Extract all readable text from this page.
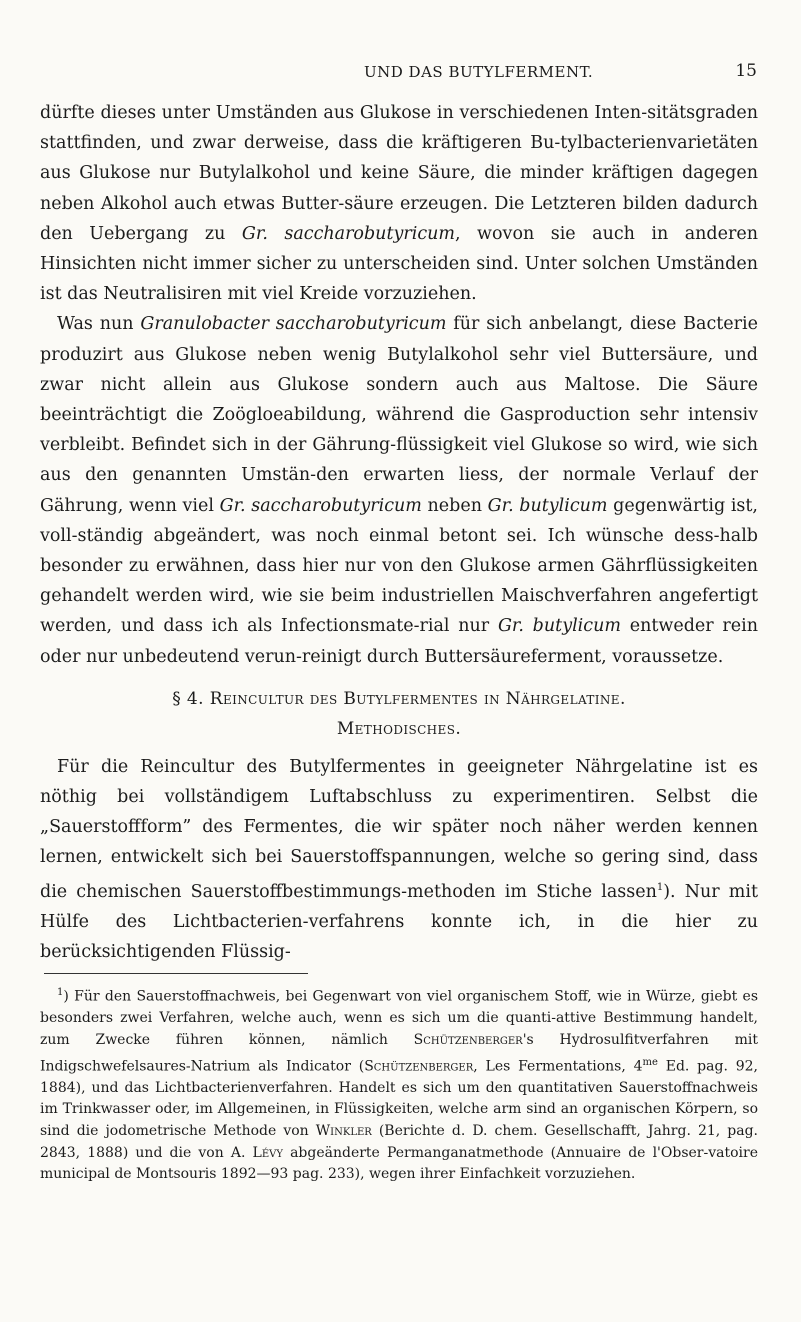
UND DAS BUTYLFERMENT.	15

dürfte dieses unter Umständen aus Glukose in verschiedenen Inten-sitätsgraden stattfinden, und zwar derweise, dass die kräftigeren Bu-tylbacterienvarietäten aus Glukose nur Butylalkohol und keine Säure, die minder kräftigen dagegen neben Alkohol auch etwas Butter-säure erzeugen. Die Letzteren bilden dadurch den Uebergang zu Gr. saccharobutyricum, wovon sie auch in anderen Hinsichten nicht immer sicher zu unterscheiden sind. Unter solchen Umständen ist das Neutralisiren mit viel Kreide vorzuziehen.

Was nun Granulobacter saccharobutyricum für sich anbelangt, diese Bacterie produzirt aus Glukose neben wenig Butylalkohol sehr viel Buttersäure, und zwar nicht allein aus Glukose sondern auch aus Maltose. Die Säure beeinträchtigt die Zoögloeabildung, während die Gasproduction sehr intensiv verbleibt. Befindet sich in der Gährung-flüssigkeit viel Glukose so wird, wie sich aus den genannten Umstän-den erwarten liess, der normale Verlauf der Gährung, wenn viel Gr. saccharobutyricum neben Gr. butylicum gegenwärtig ist, voll-ständig abgeändert, was noch einmal betont sei. Ich wünsche dess-halb besonder zu erwähnen, dass hier nur von den Glukose armen Gährflüssigkeiten gehandelt werden wird, wie sie beim industriellen Maischverfahren angefertigt werden, und dass ich als Infectionsmate-rial nur Gr. butylicum entweder rein oder nur unbedeutend verun-reinigt durch Buttersäureferment, voraussetze.

§ 4. Reincultur des Butylfermentes in Nährgelatine.
Methodisches.

Für die Reincultur des Butylfermentes in geeigneter Nährgelatine ist es nöthig bei vollständigem Luftabschluss zu experimentiren. Selbst die „Sauerstoffform” des Fermentes, die wir später noch näher werden kennen lernen, entwickelt sich bei Sauerstoffspannungen, welche so gering sind, dass die chemischen Sauerstoffbestimmungs-methoden im Stiche lassen$^1$). Nur mit Hülfe des Lichtbacterien-verfahrens konnte ich, in die hier zu berücksichtigenden Flüssig-

$^1$) Für den Sauerstoffnachweis, bei Gegenwart von viel organischem Stoff, wie in Würze, giebt es besonders zwei Verfahren, welche auch, wenn es sich um die quanti-attive Bestimmung handelt, zum Zwecke führen können, nämlich Schützenberger's Hydrosulfitverfahren mit Indigschwefelsaures-Natrium als Indicator (Schützenberger, Les Fermentations, $4^{me}$ Ed. pag. 92, 1884), und das Lichtbacterienverfahren. Handelt es sich um den quantitativen Sauerstoffnachweis im Trinkwasser oder, im Allgemeinen, in Flüssigkeiten, welche arm sind an organischen Körpern, so sind die jodometrische Methode von Winkler (Berichte d. D. chem. Gesellschafft, Jahrg. 21, pag. 2843, 1888) und die von A. Lévy abgeänderte Permanganatmethode (Annuaire de l'Obser-vatoire municipal de Montsouris 1892—93 pag. 233), wegen ihrer Einfachkeit vorzuziehen.
